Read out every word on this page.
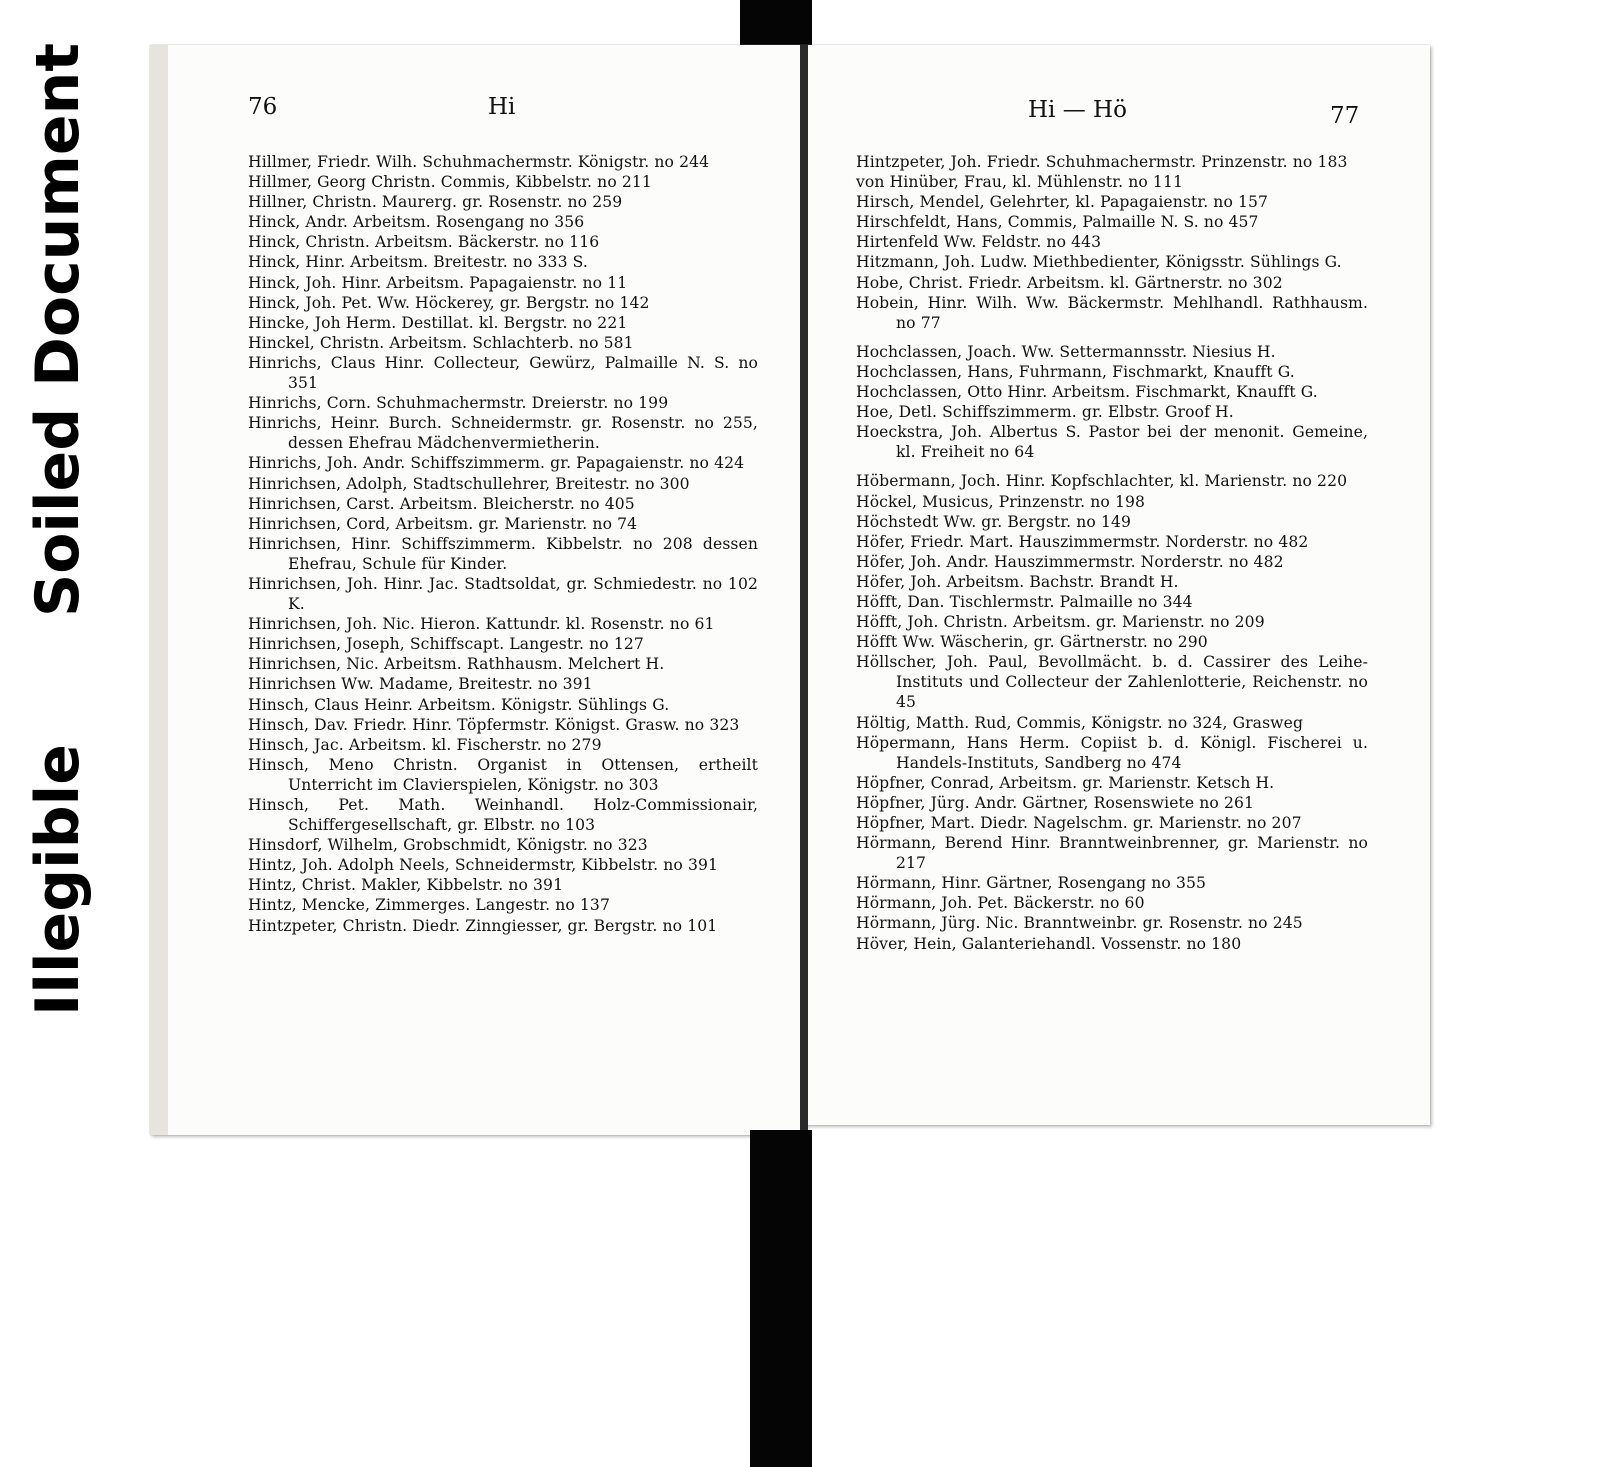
Soiled Document
Illegible
76	Hi	Hi — Hö	77
Hillmer, Friedr. Wilh. Schuhmachermstr. Königstr. no 244
Hillmer, Georg Christn. Commis, Kibbelstr. no 211
Hillner, Christn. Maurerg. gr. Rosenstr. no 259
Hinck, Andr. Arbeitsm. Rosengang no 356
Hinck, Christn. Arbeitsm. Bäckerstr. no 116
Hinck, Hinr. Arbeitsm. Breitestr. no 333 S.
Hinck, Joh. Hinr. Arbeitsm. Papagaienstr. no 11
Hinck, Joh. Pet. Ww. Höckerey, gr. Bergstr. no 142
Hincke, Joh Herm. Destillat. kl. Bergstr. no 221
Hinckel, Christn. Arbeitsm. Schlachterb. no 581
Hinrichs, Claus Hinr. Collecteur, Gewürz, Palmaille N. S. no 351
Hinrichs, Corn. Schuhmachermstr. Dreierstr. no 199
Hinrichs, Heinr. Burch. Schneidermstr. gr. Rosenstr. no 255, dessen Ehefrau Mädchenvermietherin.
Hinrichs, Joh. Andr. Schiffszimmerm. gr. Papagaienstr. no 424
Hinrichsen, Adolph, Stadtschullehrer, Breitestr. no 300
Hinrichsen, Carst. Arbeitsm. Bleicherstr. no 405
Hinrichsen, Cord, Arbeitsm. gr. Marienstr. no 74
Hinrichsen, Hinr. Schiffszimmerm. Kibbelstr. no 208 dessen Ehefrau, Schule für Kinder.
Hinrichsen, Joh. Hinr. Jac. Stadtsoldat, gr. Schmiedestr. no 102 K.
Hinrichsen, Joh. Nic. Hieron. Kattundr. kl. Rosenstr. no 61
Hinrichsen, Joseph, Schiffscapt. Langestr. no 127
Hinrichsen, Nic. Arbeitsm. Rathhausm. Melchert H.
Hinrichsen Ww. Madame, Breitestr. no 391
Hinsch, Claus Heinr. Arbeitsm. Königstr. Sühlings G.
Hinsch, Dav. Friedr. Hinr. Töpfermstr. Königst. Grasw. no 323
Hinsch, Jac. Arbeitsm. kl. Fischerstr. no 279
Hinsch, Meno Christn. Organist in Ottensen, ertheilt Unterricht im Clavierspielen, Königstr. no 303
Hinsch, Pet. Math. Weinhandl. Holz-Commissionair, Schiffergesellschaft, gr. Elbstr. no 103
Hinsdorf, Wilhelm, Grobschmidt, Königstr. no 323
Hintz, Joh. Adolph Neels, Schneidermstr, Kibbelstr. no 391
Hintz, Christ. Makler, Kibbelstr. no 391
Hintz, Mencke, Zimmerges. Langestr. no 137
Hintzpeter, Christn. Diedr. Zinngiesser, gr. Bergstr. no 101
Hintzpeter, Joh. Friedr. Schuhmachermstr. Prinzenstr. no 183
von Hinüber, Frau, kl. Mühlenstr. no 111
Hirsch, Mendel, Gelehrter, kl. Papagaienstr. no 157
Hirschfeldt, Hans, Commis, Palmaille N. S. no 457
Hirtenfeld Ww. Feldstr. no 443
Hitzmann, Joh. Ludw. Miethbedienter, Königsstr. Sühlings G.
Hobe, Christ. Friedr. Arbeitsm. kl. Gärtnerstr. no 302
Hobein, Hinr. Wilh. Ww. Bäckermstr. Mehlhandl. Rathhausm. no 77
Hochclassen, Joach. Ww. Settermannsstr. Niesius H.
Hochclassen, Hans, Fuhrmann, Fischmarkt, Knaufft G.
Hochclassen, Otto Hinr. Arbeitsm. Fischmarkt, Knaufft G.
Hoe, Detl. Schiffszimmerm. gr. Elbstr. Groof H.
Hoeckstra, Joh. Albertus S. Pastor bei der menonit. Gemeine, kl. Freiheit no 64
Höbermann, Joch. Hinr. Kopfschlachter, kl. Marienstr. no 220
Höckel, Musicus, Prinzenstr. no 198
Höchstedt Ww. gr. Bergstr. no 149
Höfer, Friedr. Mart. Hauszimmermstr. Norderstr. no 482
Höfer, Joh. Andr. Hauszimmermstr. Norderstr. no 482
Höfer, Joh. Arbeitsm. Bachstr. Brandt H.
Höfft, Dan. Tischlermstr. Palmaille no 344
Höfft, Joh. Christn. Arbeitsm. gr. Marienstr. no 209
Höfft Ww. Wäscherin, gr. Gärtnerstr. no 290
Höllscher, Joh. Paul, Bevollmächt. b. d. Cassirer des Leihe-Instituts und Collecteur der Zahlenlotterie, Reichenstr. no 45
Höltig, Matth. Rud, Commis, Königstr. no 324, Grasweg
Höpermann, Hans Herm. Copiist b. d. Königl. Fischerei u. Handels-Instituts, Sandberg no 474
Höpfner, Conrad, Arbeitsm. gr. Marienstr. Ketsch H.
Höpfner, Jürg. Andr. Gärtner, Rosenswiete no 261
Höpfner, Mart. Diedr. Nagelschm. gr. Marienstr. no 207
Hörmann, Berend Hinr. Branntweinbrenner, gr. Marienstr. no 217
Hörmann, Hinr. Gärtner, Rosengang no 355
Hörmann, Joh. Pet. Bäckerstr. no 60
Hörmann, Jürg. Nic. Branntweinbr. gr. Rosenstr. no 245
Höver, Hein, Galanteriehandl. Vossenstr. no 180
